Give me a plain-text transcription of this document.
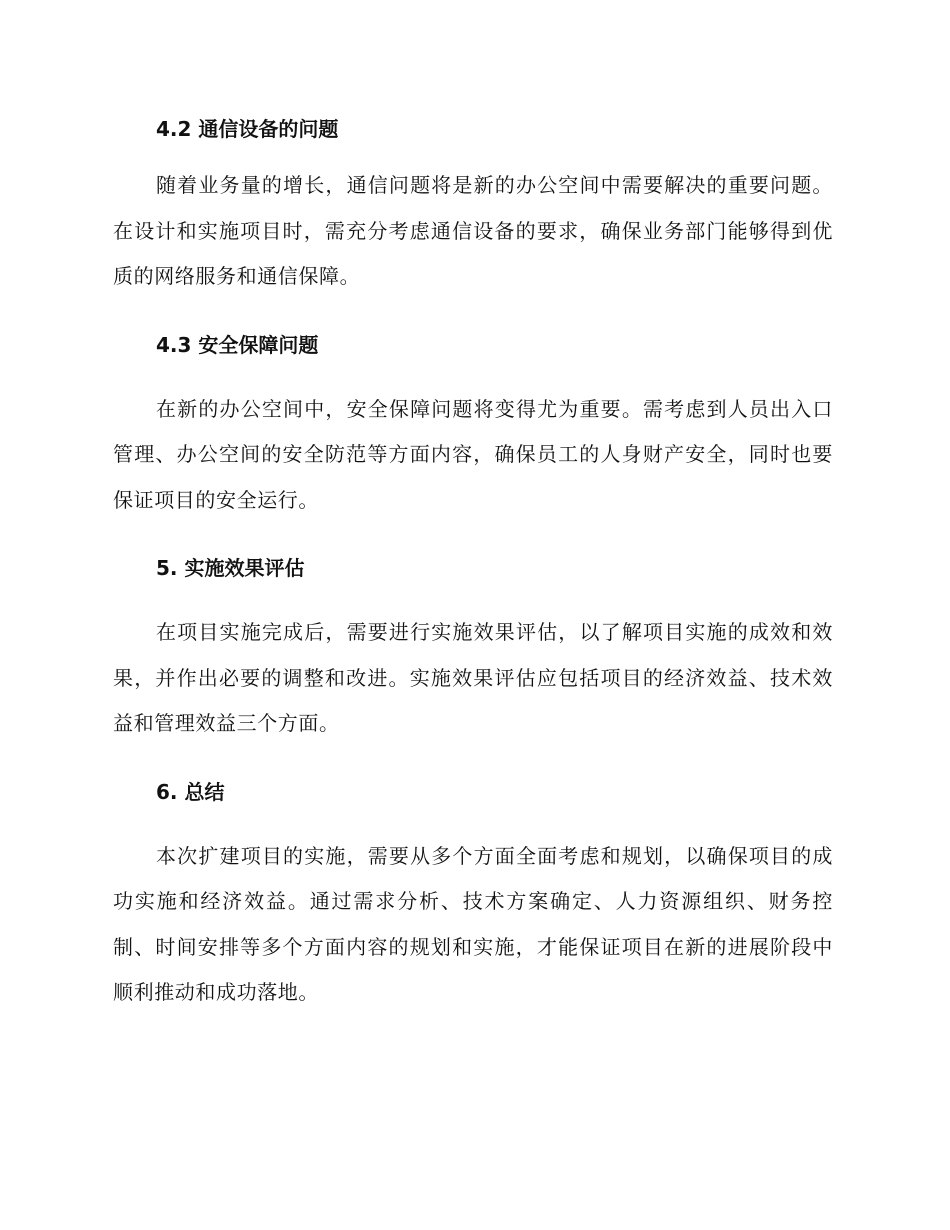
4.2 通信设备的问题

随着业务量的增长，通信问题将是新的办公空间中需要解决的重要问题。在设计和实施项目时，需充分考虑通信设备的要求，确保业务部门能够得到优质的网络服务和通信保障。

4.3 安全保障问题

在新的办公空间中，安全保障问题将变得尤为重要。需考虑到人员出入口管理、办公空间的安全防范等方面内容，确保员工的人身财产安全，同时也要保证项目的安全运行。

5. 实施效果评估

在项目实施完成后，需要进行实施效果评估，以了解项目实施的成效和效果，并作出必要的调整和改进。实施效果评估应包括项目的经济效益、技术效益和管理效益三个方面。

6. 总结

本次扩建项目的实施，需要从多个方面全面考虑和规划，以确保项目的成功实施和经济效益。通过需求分析、技术方案确定、人力资源组织、财务控制、时间安排等多个方面内容的规划和实施，才能保证项目在新的进展阶段中顺利推动和成功落地。
